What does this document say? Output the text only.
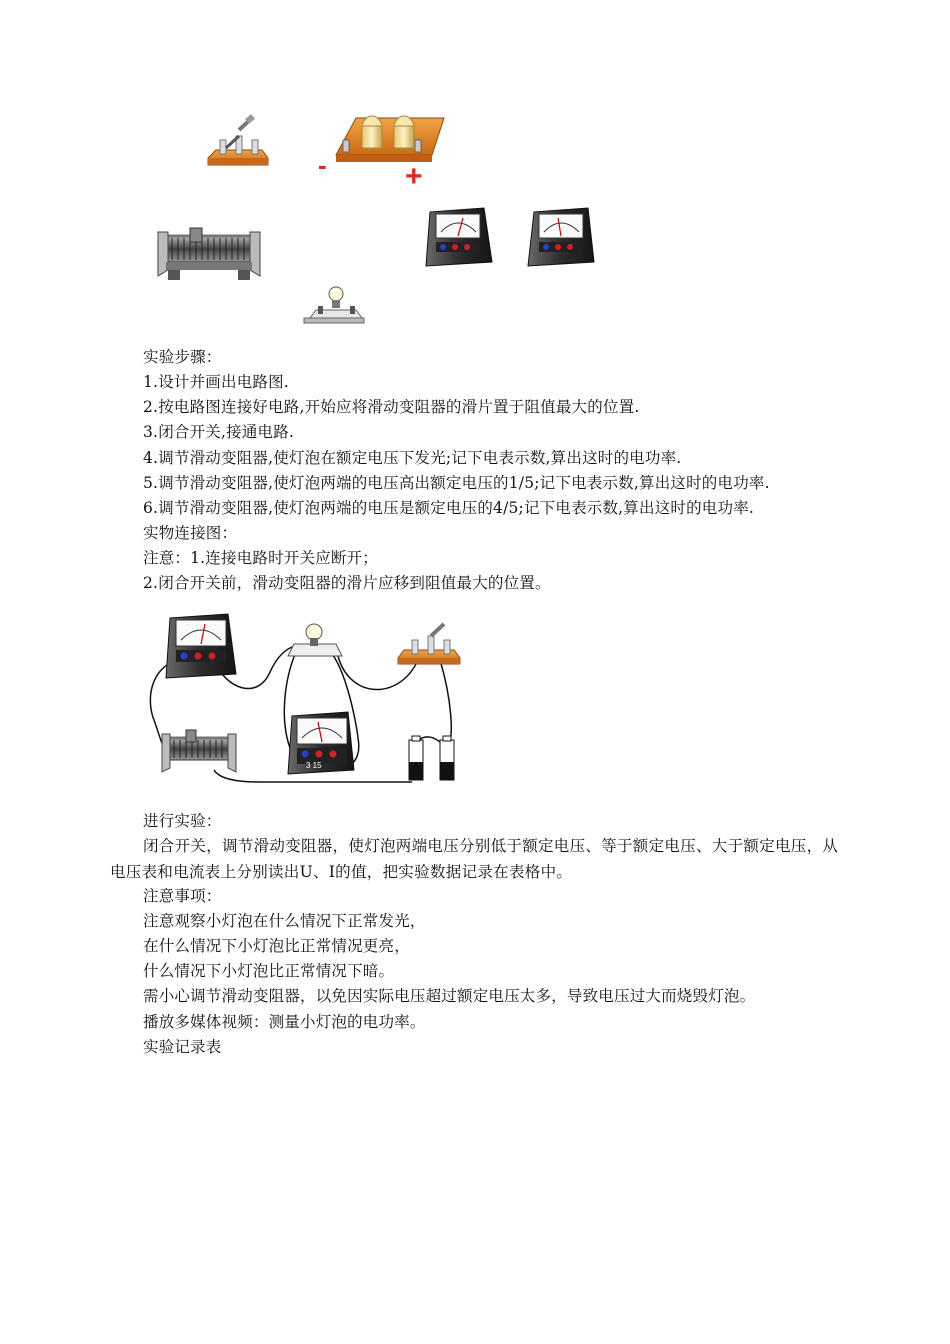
-	+
3 15
实验步骤：
1.设计并画出电路图.
2.按电路图连接好电路,开始应将滑动变阻器的滑片置于阻值最大的位置.
3.闭合开关,接通电路.
4.调节滑动变阻器,使灯泡在额定电压下发光;记下电表示数,算出这时的电功率.
5.调节滑动变阻器,使灯泡两端的电压高出额定电压的1/5;记下电表示数,算出这时的电功率.
6.调节滑动变阻器,使灯泡两端的电压是额定电压的4/5;记下电表示数,算出这时的电功率.
实物连接图：
注意：1.连接电路时开关应断开；
2.闭合开关前，滑动变阻器的滑片应移到阻值最大的位置。
进行实验：
闭合开关，调节滑动变阻器，使灯泡两端电压分别低于额定电压、等于额定电压、大于额定电压，从电压表和电流表上分别读出U、I的值，把实验数据记录在表格中。
注意事项：
注意观察小灯泡在什么情况下正常发光，
在什么情况下小灯泡比正常情况更亮，
什么情况下小灯泡比正常情况下暗。
需小心调节滑动变阻器，以免因实际电压超过额定电压太多，导致电压过大而烧毁灯泡。
播放多媒体视频：测量小灯泡的电功率。
实验记录表
